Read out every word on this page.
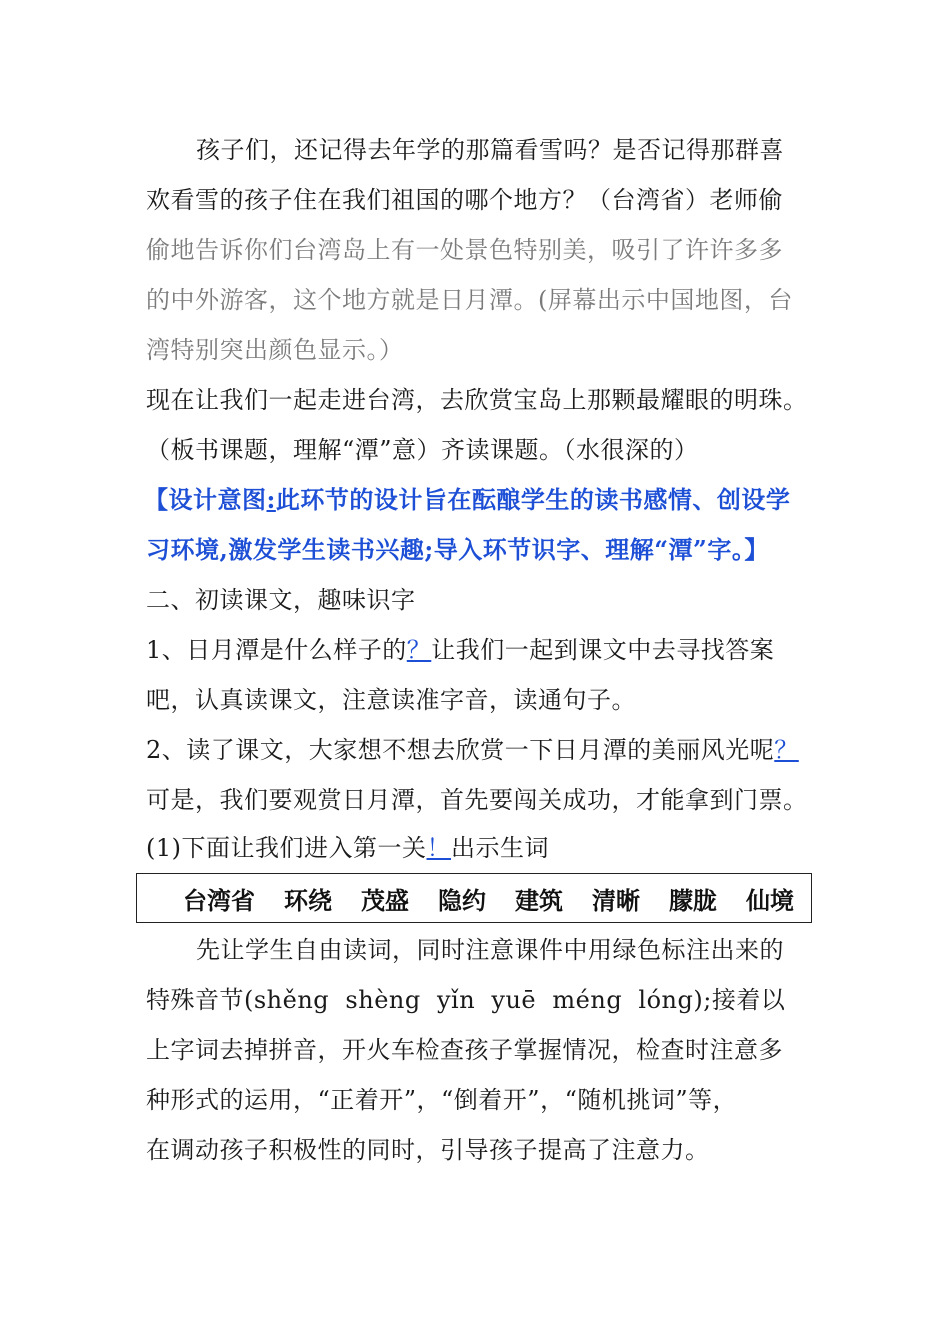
孩子们，还记得去年学的那篇看雪吗？是否记得那群喜
欢看雪的孩子住在我们祖国的哪个地方？（台湾省）老师偷
偷地告诉你们台湾岛上有一处景色特别美，吸引了许许多多
的中外游客，这个地方就是日月潭。(屏幕出示中国地图，台
湾特别突出颜色显示。）
现在让我们一起走进台湾，去欣赏宝岛上那颗最耀眼的明珠。
（板书课题，理解“潭”意）齐读课题。（水很深的）
【设计意图:此环节的设计旨在酝酿学生的读书感情、创设学
习环境,激发学生读书兴趣;导入环节识字、理解“潭”字。】
二、初读课文，趣味识字
1、日月潭是什么样子的？让我们一起到课文中去寻找答案
吧，认真读课文，注意读准字音，读通句子。
2、读了课文，大家想不想去欣赏一下日月潭的美丽风光呢？
可是，我们要观赏日月潭，首先要闯关成功，才能拿到门票。
(1)下面让我们进入第一关！出示生词
台湾省 环绕 茂盛 隐约 建筑 清晰 朦胧 仙境
先让学生自由读词，同时注意课件中用绿色标注出来的
特殊音节(shěng  shèng  yǐn  yuē  méng  lóng);接着以
上字词去掉拼音，开火车检查孩子掌握情况，检查时注意多
种形式的运用，“正着开”，“倒着开”，“随机挑词”等，
在调动孩子积极性的同时，引导孩子提高了注意力。
